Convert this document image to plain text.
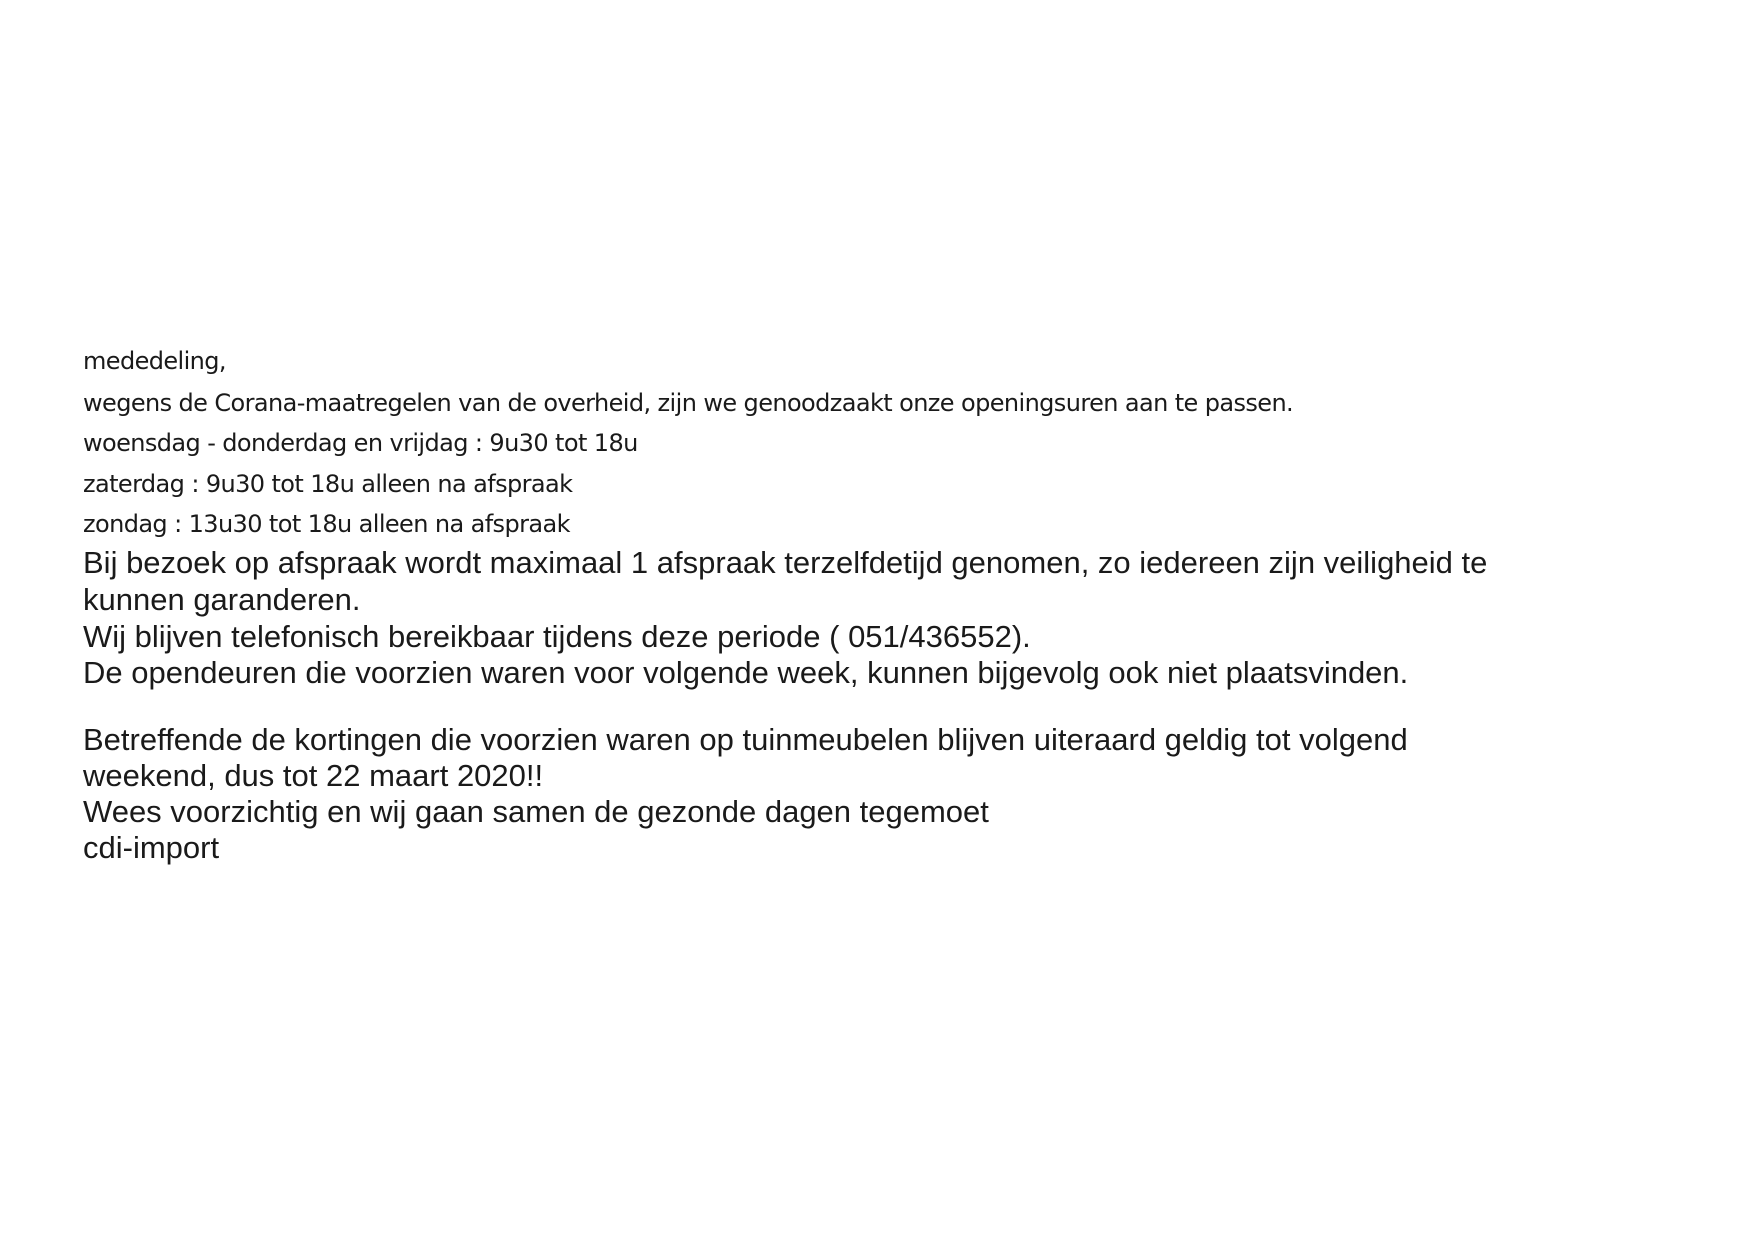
mededeling,

wegens de Corana-maatregelen van de overheid, zijn we genoodzaakt onze openingsuren aan te passen.

woensdag - donderdag en vrijdag : 9u30 tot 18u

zaterdag : 9u30 tot 18u alleen na afspraak

zondag : 13u30 tot 18u alleen na afspraak

Bij bezoek op afspraak wordt maximaal 1 afspraak terzelfdetijd genomen, zo iedereen zijn veiligheid te

kunnen garanderen.

Wij blijven telefonisch bereikbaar tijdens deze periode ( 051/436552).

De opendeuren die voorzien waren voor volgende week, kunnen bijgevolg ook niet plaatsvinden.

Betreffende de kortingen die voorzien waren op tuinmeubelen blijven uiteraard geldig tot volgend

weekend, dus tot 22 maart 2020!!

Wees voorzichtig en wij gaan samen de gezonde dagen tegemoet

cdi-import
